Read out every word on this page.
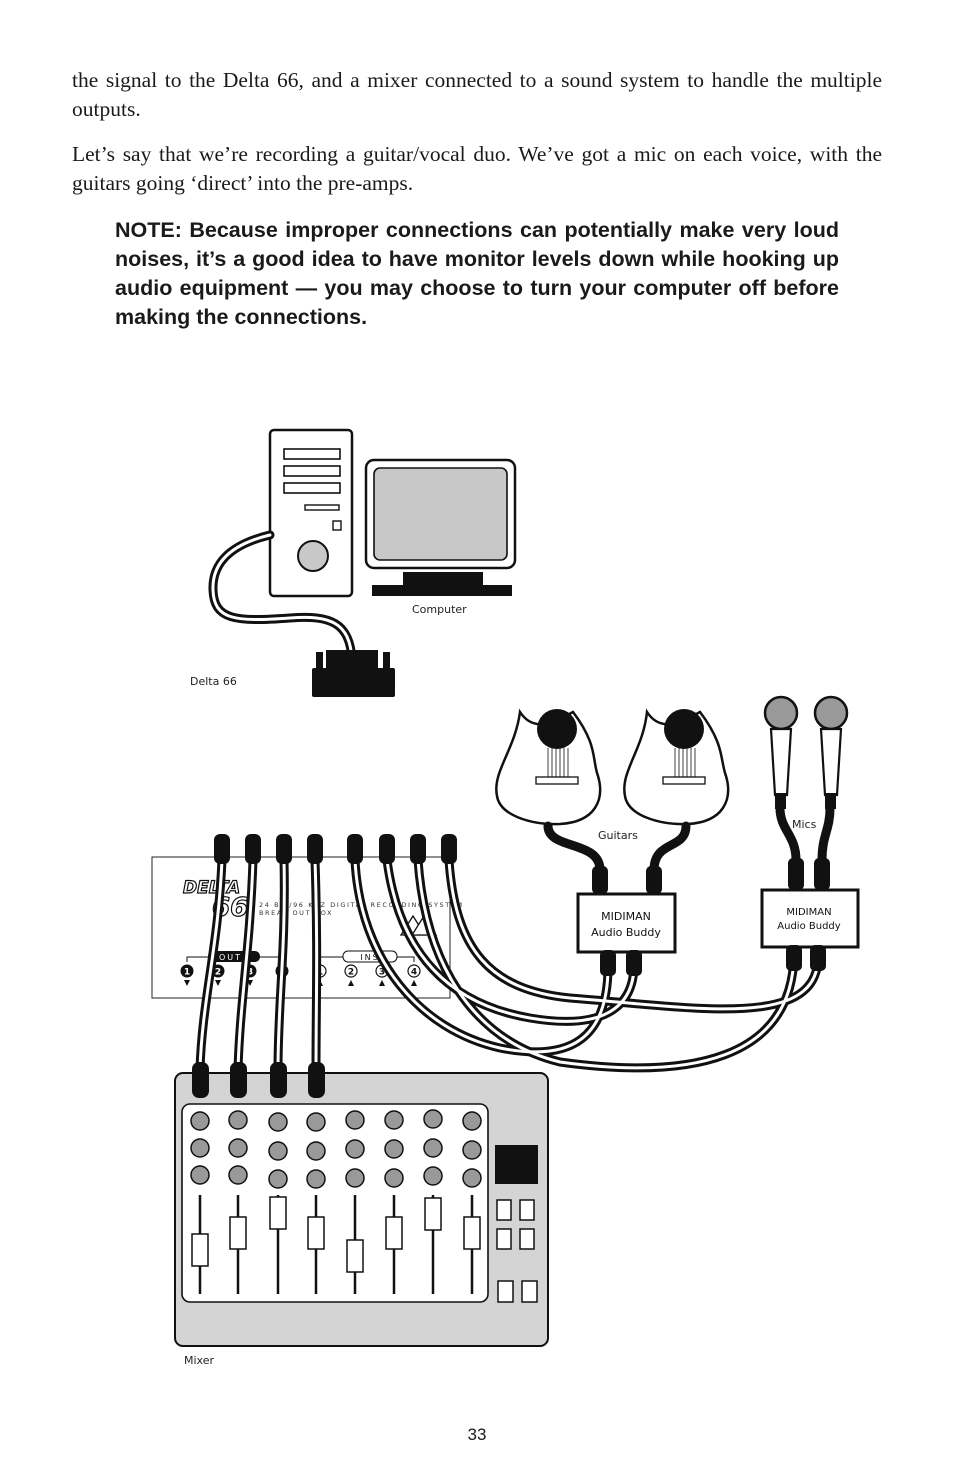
the signal to the Delta 66, and a mixer connected to a sound system to handle the multiple outputs.

Let’s say that we’re recording a guitar/vocal duo. We’ve got a mic on each voice, with the guitars going ‘direct’ into the pre-amps.

NOTE: Because improper connections can potentially make very loud noises, it’s a good idea to have monitor levels down while hooking up audio equipment — you may choose to turn your computer off before making the connections.

Computer
Delta 66
Guitars
Mics
MIDIMAN
Audio Buddy
MIDIMAN
Audio Buddy
DELTA
66 24 BIT/96 KHZ DIGITAL RECORDING SYSTEM
BREAK OUT BOX
OUTS	INS
1	2	3	4	1	2	3	4
Mixer
33
